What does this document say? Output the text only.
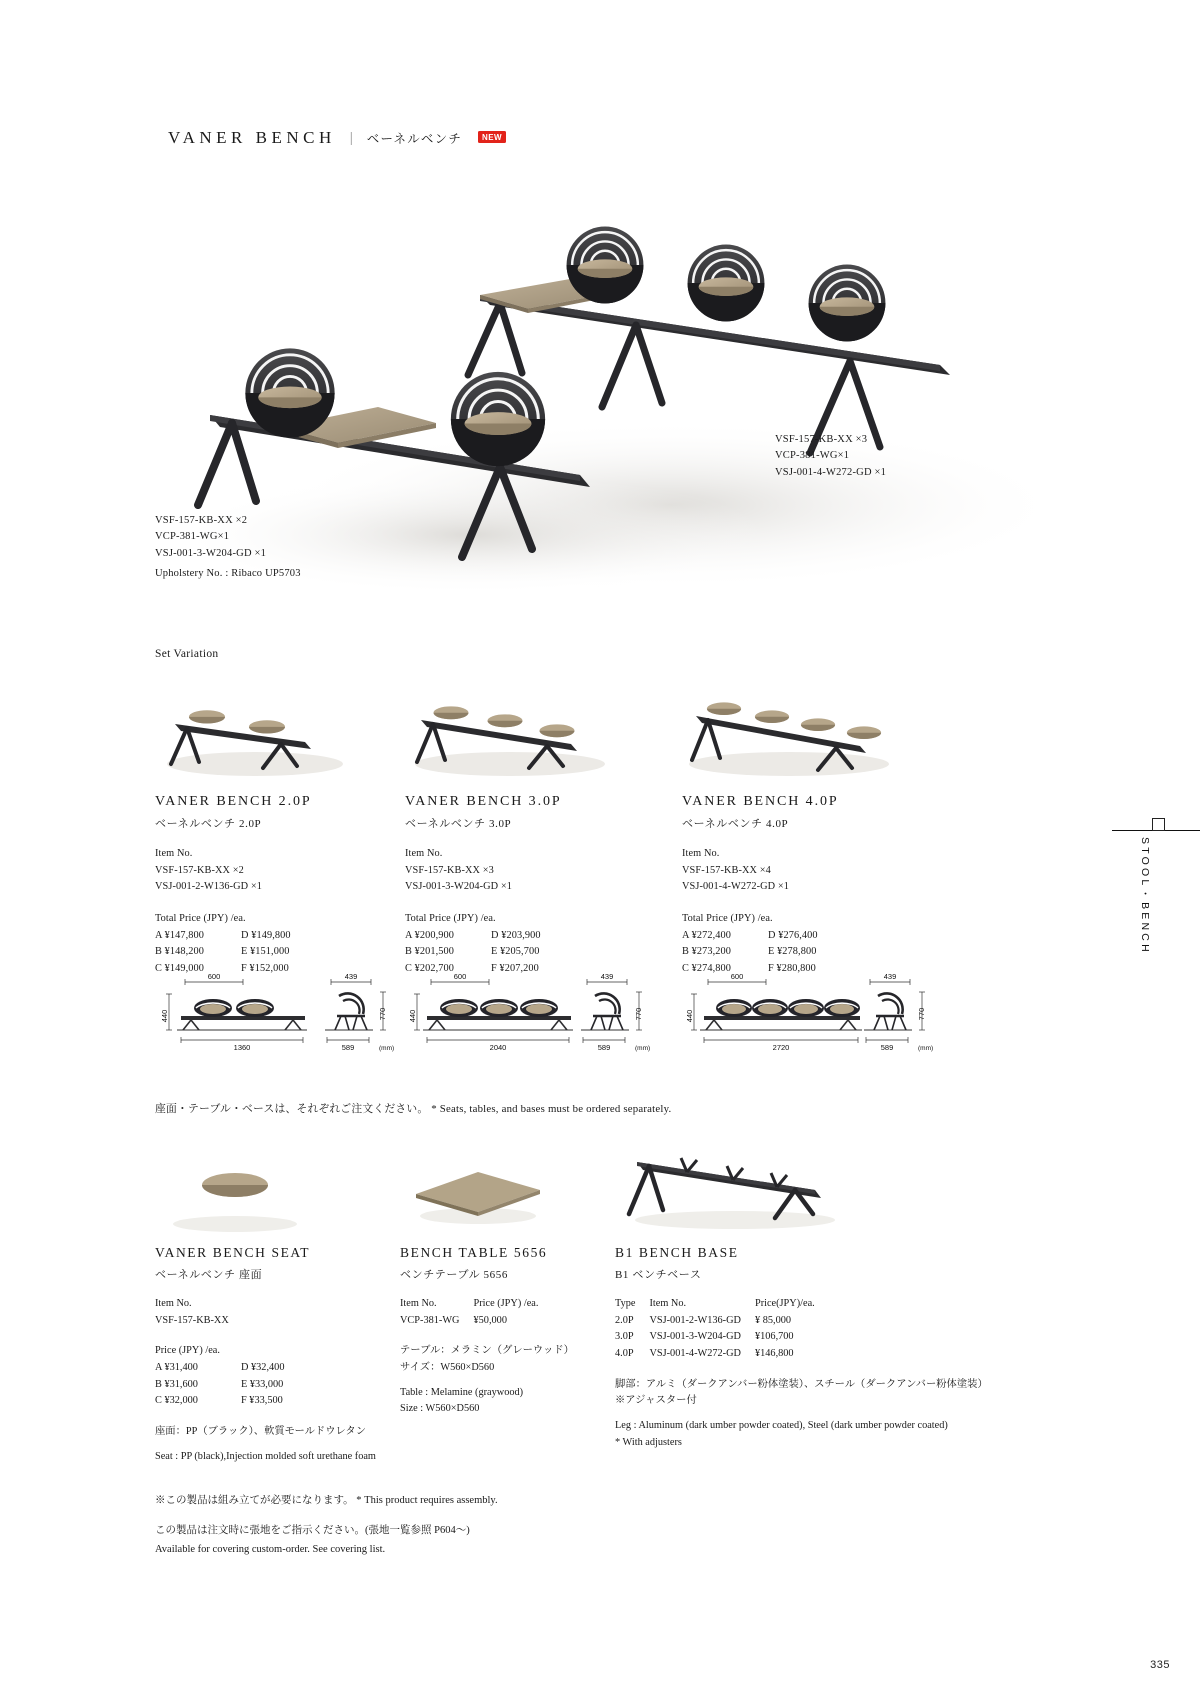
VANER BENCH | ベーネルベンチ	NEW
STOOL・BENCH
335
VSF-157-KB-XX ×2
VCP-381-WG×1
VSJ-001-3-W204-GD ×1
VSF-157-KB-XX ×3
VCP-381-WG×1
VSJ-001-4-W272-GD ×1
Upholstery No. : Ribaco UP5703
Set Variation
VANER BENCH 2.0P
ベーネルベンチ 2.0P
Item No.
VSF-157-KB-XX ×2
VSJ-001-2-W136-GD ×1
Total Price (JPY) /ea.
A ¥147,800	D ¥149,800
B ¥148,200	E ¥151,000
C ¥149,000	F ¥152,000
600	439
440	770
1360	589	(mm)
VANER BENCH 3.0P
ベーネルベンチ 3.0P
Item No.
VSF-157-KB-XX ×3
VSJ-001-3-W204-GD ×1
Total Price (JPY) /ea.
A ¥200,900	D ¥203,900
B ¥201,500	E ¥205,700
C ¥202,700	F ¥207,200
600	439
440	770
2040	589	(mm)
VANER BENCH 4.0P
ベーネルベンチ 4.0P
Item No.
VSF-157-KB-XX ×4
VSJ-001-4-W272-GD ×1
Total Price (JPY) /ea.
A ¥272,400	D ¥276,400
B ¥273,200	E ¥278,800
C ¥274,800	F ¥280,800
600	439
440	770
2720	589	(mm)
座面・テーブル・ベースは、それぞれご注文ください。 * Seats, tables, and bases must be ordered separately.
VANER BENCH SEAT
ベーネルベンチ 座面
Item No.
VSF-157-KB-XX
Price (JPY) /ea.
A ¥31,400	D ¥32,400
B ¥31,600	E ¥33,000
C ¥32,000	F ¥33,500
座面：PP（ブラック）、軟質モールドウレタン
Seat : PP (black),Injection molded soft urethane foam
BENCH TABLE 5656
ベンチテーブル 5656
Item No.	Price (JPY) /ea.
VCP-381-WG	¥50,000
テーブル：メラミン（グレーウッド）
サイズ：W560×D560
Table : Melamine (graywood)
Size : W560×D560
B1 BENCH BASE
B1 ベンチベース
Type	Item No.	Price(JPY)/ea.
2.0P	VSJ-001-2-W136-GD	¥ 85,000
3.0P	VSJ-001-3-W204-GD	¥106,700
4.0P	VSJ-001-4-W272-GD	¥146,800
脚部：アルミ（ダークアンバー粉体塗装）、スチール（ダークアンバー粉体塗装）
※アジャスター付
Leg : Aluminum (dark umber powder coated), Steel (dark umber powder coated)
* With adjusters
※この製品は組み立てが必要になります。 * This product requires assembly.
この製品は注文時に張地をご指示ください。(張地一覧参照 P604～)
Available for covering custom-order. See covering list.
